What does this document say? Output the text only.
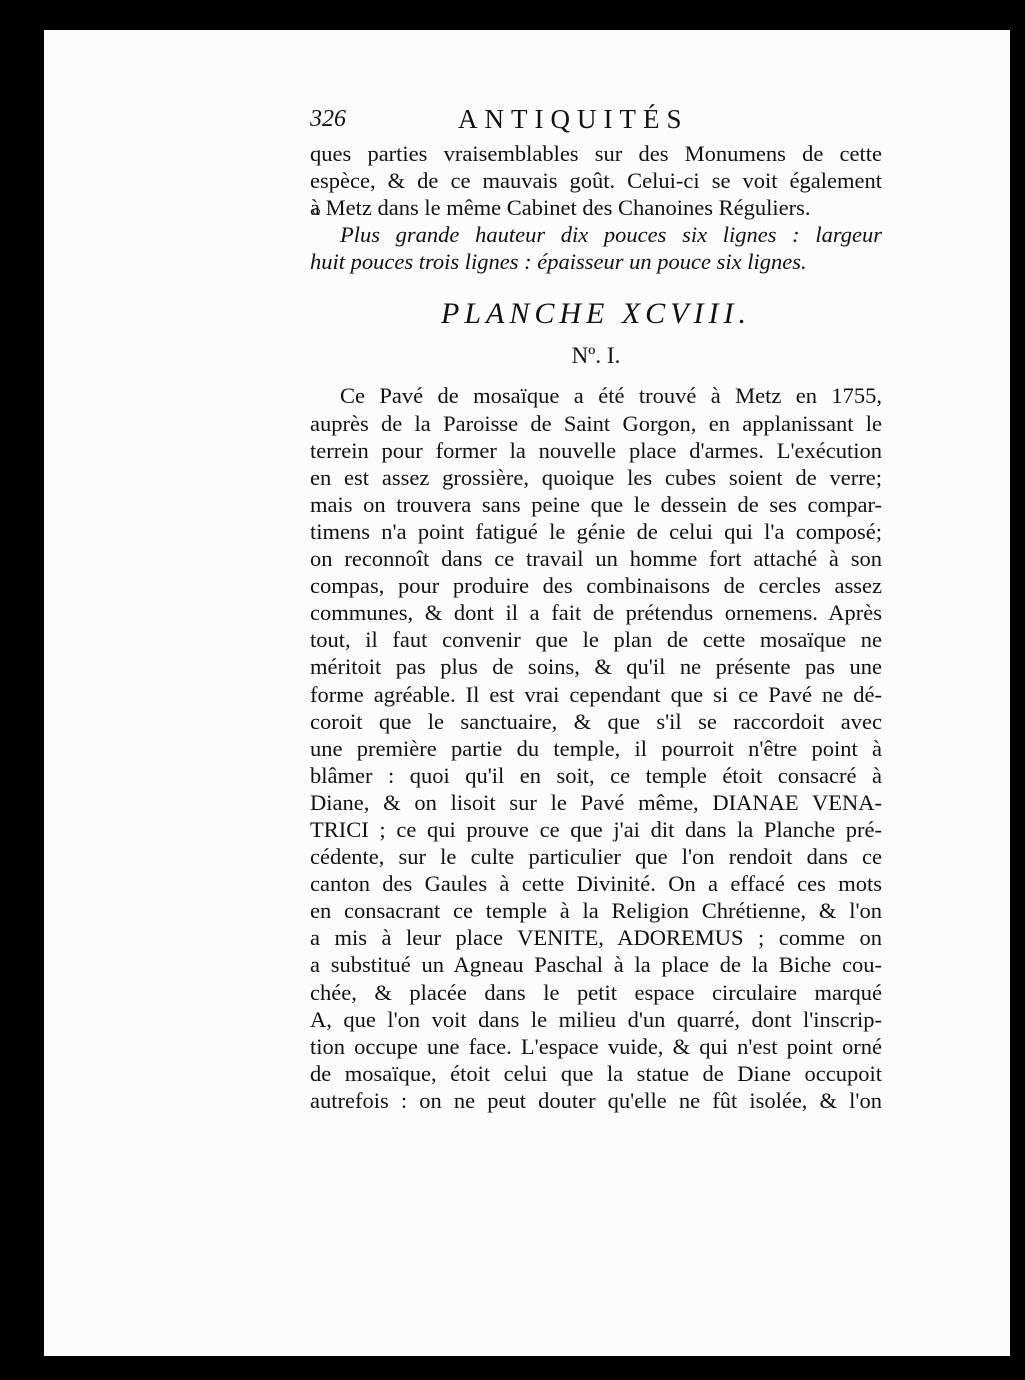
326	ANTIQUITÉS
ques parties vraisemblables sur des Monumens de cette
espèce, & de ce mauvais goût. Celui-ci se voit également
à Metz dans le même Cabinet des Chanoines Réguliers.
Plus grande hauteur dix pouces six lignes : largeur
huit pouces trois lignes : épaisseur un pouce six lignes.
PLANCHE XCVIII.
Nº. I.
Ce Pavé de mosaïque a été trouvé à Metz en 1755,
auprès de la Paroisse de Saint Gorgon, en applanissant le
terrein pour former la nouvelle place d'armes. L'exécution
en est assez grossière, quoique les cubes soient de verre;
mais on trouvera sans peine que le dessein de ses compar-
timens n'a point fatigué le génie de celui qui l'a composé;
on reconnoît dans ce travail un homme fort attaché à son
compas, pour produire des combinaisons de cercles assez
communes, & dont il a fait de prétendus ornemens. Après
tout, il faut convenir que le plan de cette mosaïque ne
méritoit pas plus de soins, & qu'il ne présente pas une
forme agréable. Il est vrai cependant que si ce Pavé ne dé-
coroit que le sanctuaire, & que s'il se raccordoit avec
une première partie du temple, il pourroit n'être point à
blâmer : quoi qu'il en soit, ce temple étoit consacré à
Diane, & on lisoit sur le Pavé même, DIANAE VENA-
TRICI ; ce qui prouve ce que j'ai dit dans la Planche pré-
cédente, sur le culte particulier que l'on rendoit dans ce
canton des Gaules à cette Divinité. On a effacé ces mots
en consacrant ce temple à la Religion Chrétienne, & l'on
a mis à leur place VENITE, ADOREMUS ; comme on
a substitué un Agneau Paschal à la place de la Biche cou-
chée, & placée dans le petit espace circulaire marqué
A, que l'on voit dans le milieu d'un quarré, dont l'inscrip-
tion occupe une face. L'espace vuide, & qui n'est point orné
de mosaïque, étoit celui que la statue de Diane occupoit
autrefois : on ne peut douter qu'elle ne fût isolée, & l'on
